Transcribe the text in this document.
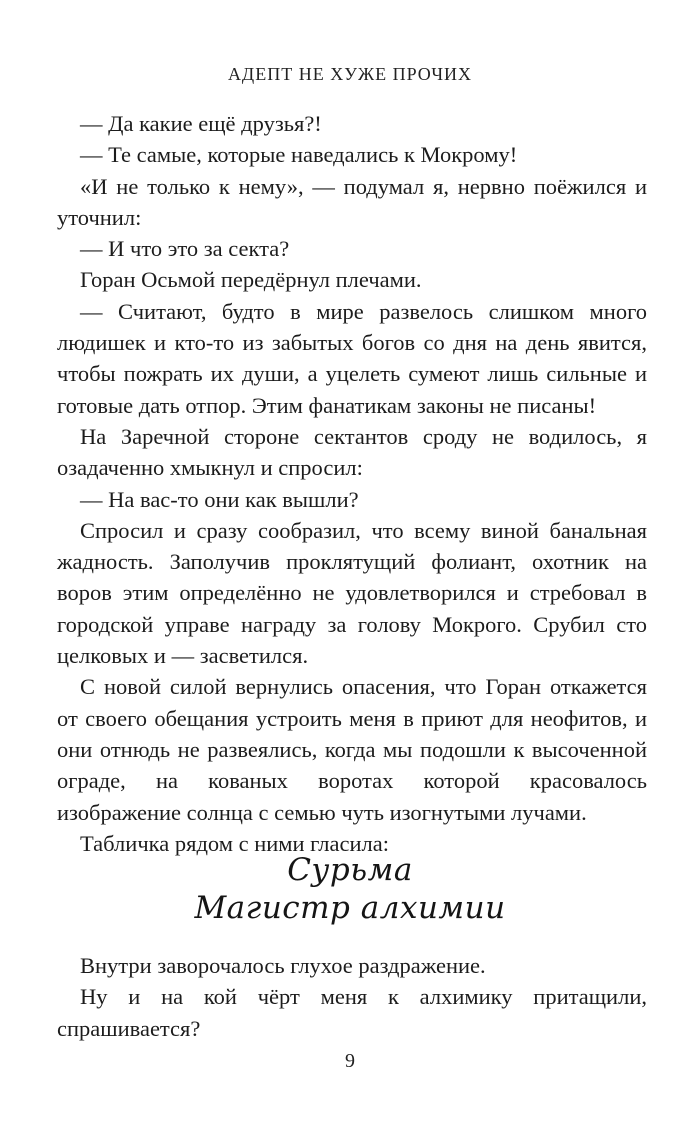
АДЕПТ НЕ ХУЖЕ ПРОЧИХ

— Да какие ещё друзья?!

— Те самые, которые наведались к Мокрому!

«И не только к нему», — подумал я, нервно поёжился и уточнил:

— И что это за секта?

Горан Осьмой передёрнул плечами.

— Считают, будто в мире развелось слишком много людишек и кто-то из забытых богов со дня на день явится, чтобы пожрать их души, а уцелеть сумеют лишь сильные и готовые дать отпор. Этим фанатикам законы не писаны!

На Заречной стороне сектантов сроду не водилось, я озадаченно хмыкнул и спросил:

— На вас-то они как вышли?

Спросил и сразу сообразил, что всему виной банальная жадность. Заполучив проклятущий фолиант, охотник на воров этим определённо не удовлетворился и стребовал в городской управе награду за голову Мокрого. Срубил сто целковых и — засветился.

С новой силой вернулись опасения, что Горан откажется от своего обещания устроить меня в приют для неофитов, и они отнюдь не развеялись, когда мы подошли к высоченной ограде, на кованых воротах которой красовалось изображение солнца с семью чуть изогнутыми лучами.

Табличка рядом с ними гласила:

Сурьма
Магистр алхимии

Внутри заворочалось глухое раздражение.

Ну и на кой чёрт меня к алхимику притащили, спрашивается?

9
